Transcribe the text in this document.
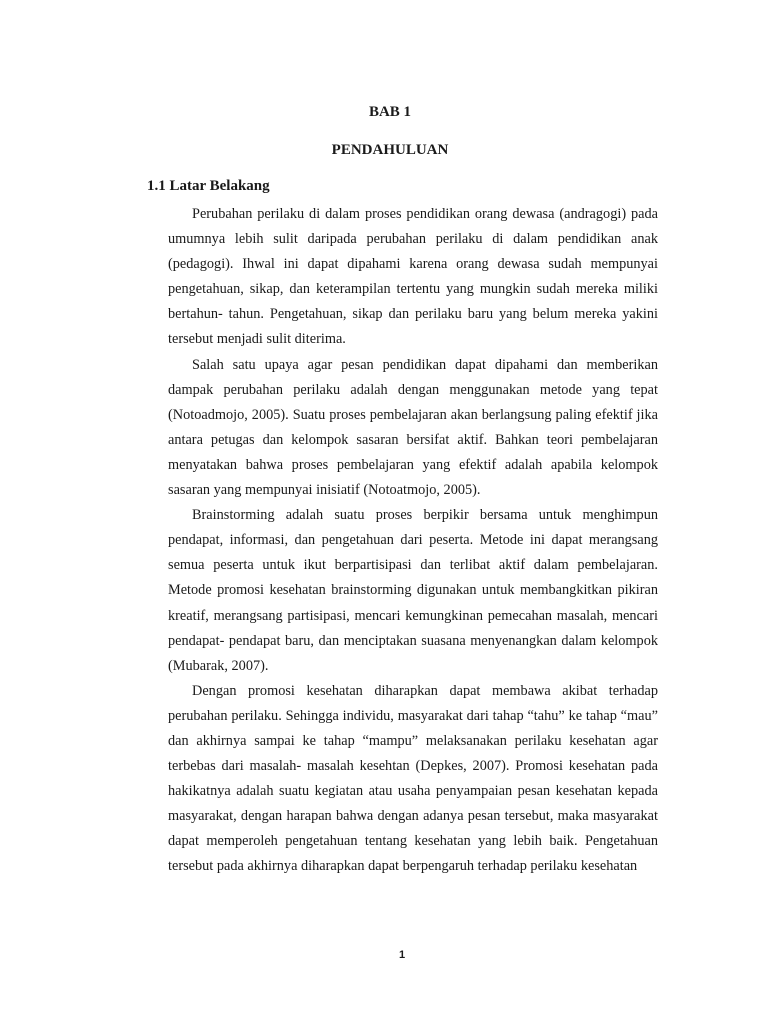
BAB 1
PENDAHULUAN
1.1 Latar Belakang

Perubahan perilaku di dalam proses pendidikan orang dewasa (andragogi) pada umumnya lebih sulit daripada perubahan perilaku di dalam pendidikan anak (pedagogi). Ihwal ini dapat dipahami karena orang dewasa sudah mempunyai pengetahuan, sikap, dan keterampilan tertentu yang mungkin sudah mereka miliki bertahun- tahun. Pengetahuan, sikap dan perilaku baru yang belum mereka yakini tersebut menjadi sulit diterima.

Salah satu upaya agar pesan pendidikan dapat dipahami dan memberikan dampak perubahan perilaku adalah dengan menggunakan metode yang tepat (Notoadmojo, 2005). Suatu proses pembelajaran akan berlangsung paling efektif jika antara petugas dan kelompok sasaran bersifat aktif. Bahkan teori pembelajaran menyatakan bahwa proses pembelajaran yang efektif adalah apabila kelompok sasaran yang mempunyai inisiatif (Notoatmojo, 2005).

Brainstorming adalah suatu proses berpikir bersama untuk menghimpun pendapat, informasi, dan pengetahuan dari peserta. Metode ini dapat merangsang semua peserta untuk ikut berpartisipasi dan terlibat aktif dalam pembelajaran. Metode promosi kesehatan brainstorming digunakan untuk membangkitkan pikiran kreatif, merangsang partisipasi, mencari kemungkinan pemecahan masalah, mencari pendapat- pendapat baru, dan menciptakan suasana menyenangkan dalam kelompok (Mubarak, 2007).

Dengan promosi kesehatan diharapkan dapat membawa akibat terhadap perubahan perilaku. Sehingga individu, masyarakat dari tahap “tahu” ke tahap “mau” dan akhirnya sampai ke tahap “mampu” melaksanakan perilaku kesehatan agar terbebas dari masalah- masalah kesehtan (Depkes, 2007). Promosi kesehatan pada hakikatnya adalah suatu kegiatan atau usaha penyampaian pesan kesehatan kepada masyarakat, dengan harapan bahwa dengan adanya pesan tersebut, maka masyarakat dapat memperoleh pengetahuan tentang kesehatan yang lebih baik. Pengetahuan tersebut pada akhirnya diharapkan dapat berpengaruh terhadap perilaku kesehatan

1
